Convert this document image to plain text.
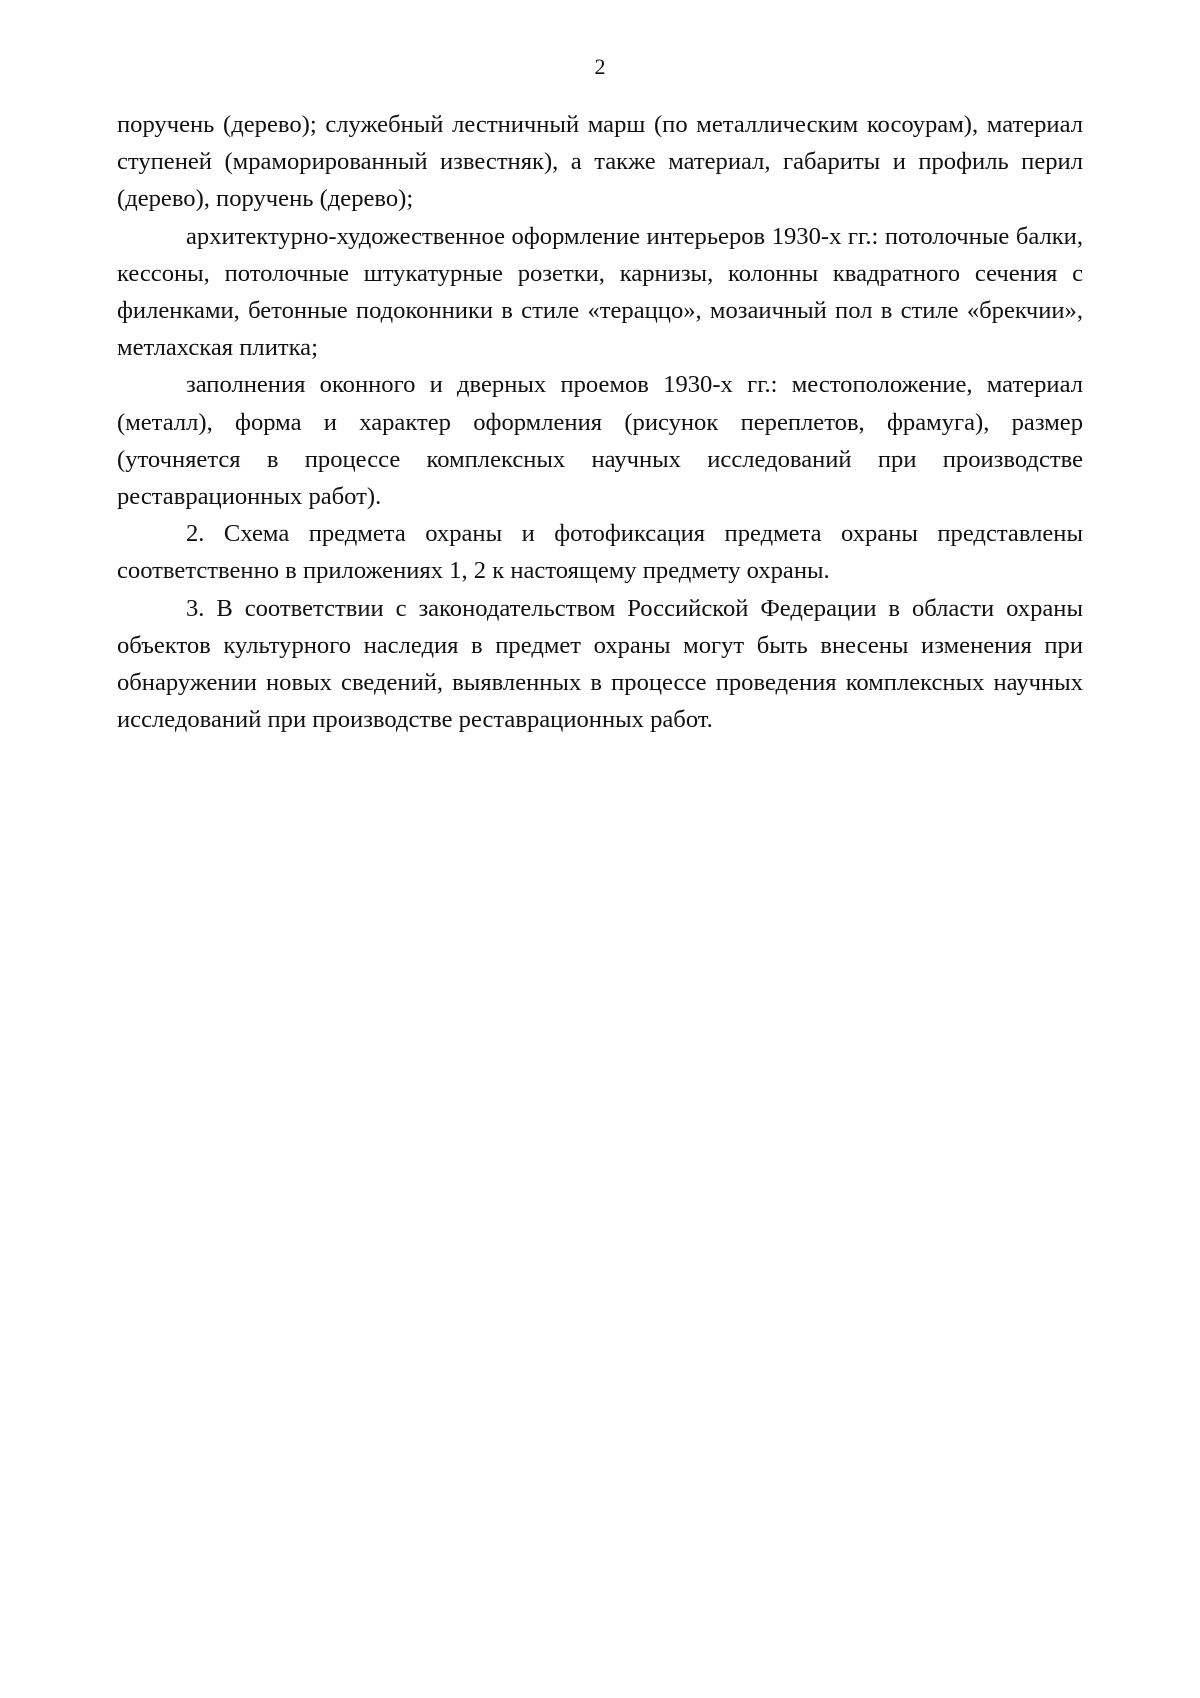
2

поручень (дерево); служебный лестничный марш (по металлическим косоурам), материал ступеней (мраморированный известняк), а также материал, габариты и профиль перил (дерево), поручень (дерево);

архитектурно-художественное оформление интерьеров 1930-х гг.: потолочные балки, кессоны, потолочные штукатурные розетки, карнизы, колонны квадратного сечения с филенками, бетонные подоконники в стиле «тераццо», мозаичный пол в стиле «брекчии», метлахская плитка;

заполнения оконного и дверных проемов 1930-х гг.: местоположение, материал (металл), форма и характер оформления (рисунок переплетов, фрамуга), размер (уточняется в процессе комплексных научных исследований при производстве реставрационных работ).

2. Схема предмета охраны и фотофиксация предмета охраны представлены соответственно в приложениях 1, 2 к настоящему предмету охраны.

3. В соответствии с законодательством Российской Федерации в области охраны объектов культурного наследия в предмет охраны могут быть внесены изменения при обнаружении новых сведений, выявленных в процессе проведения комплексных научных исследований при производстве реставрационных работ.
